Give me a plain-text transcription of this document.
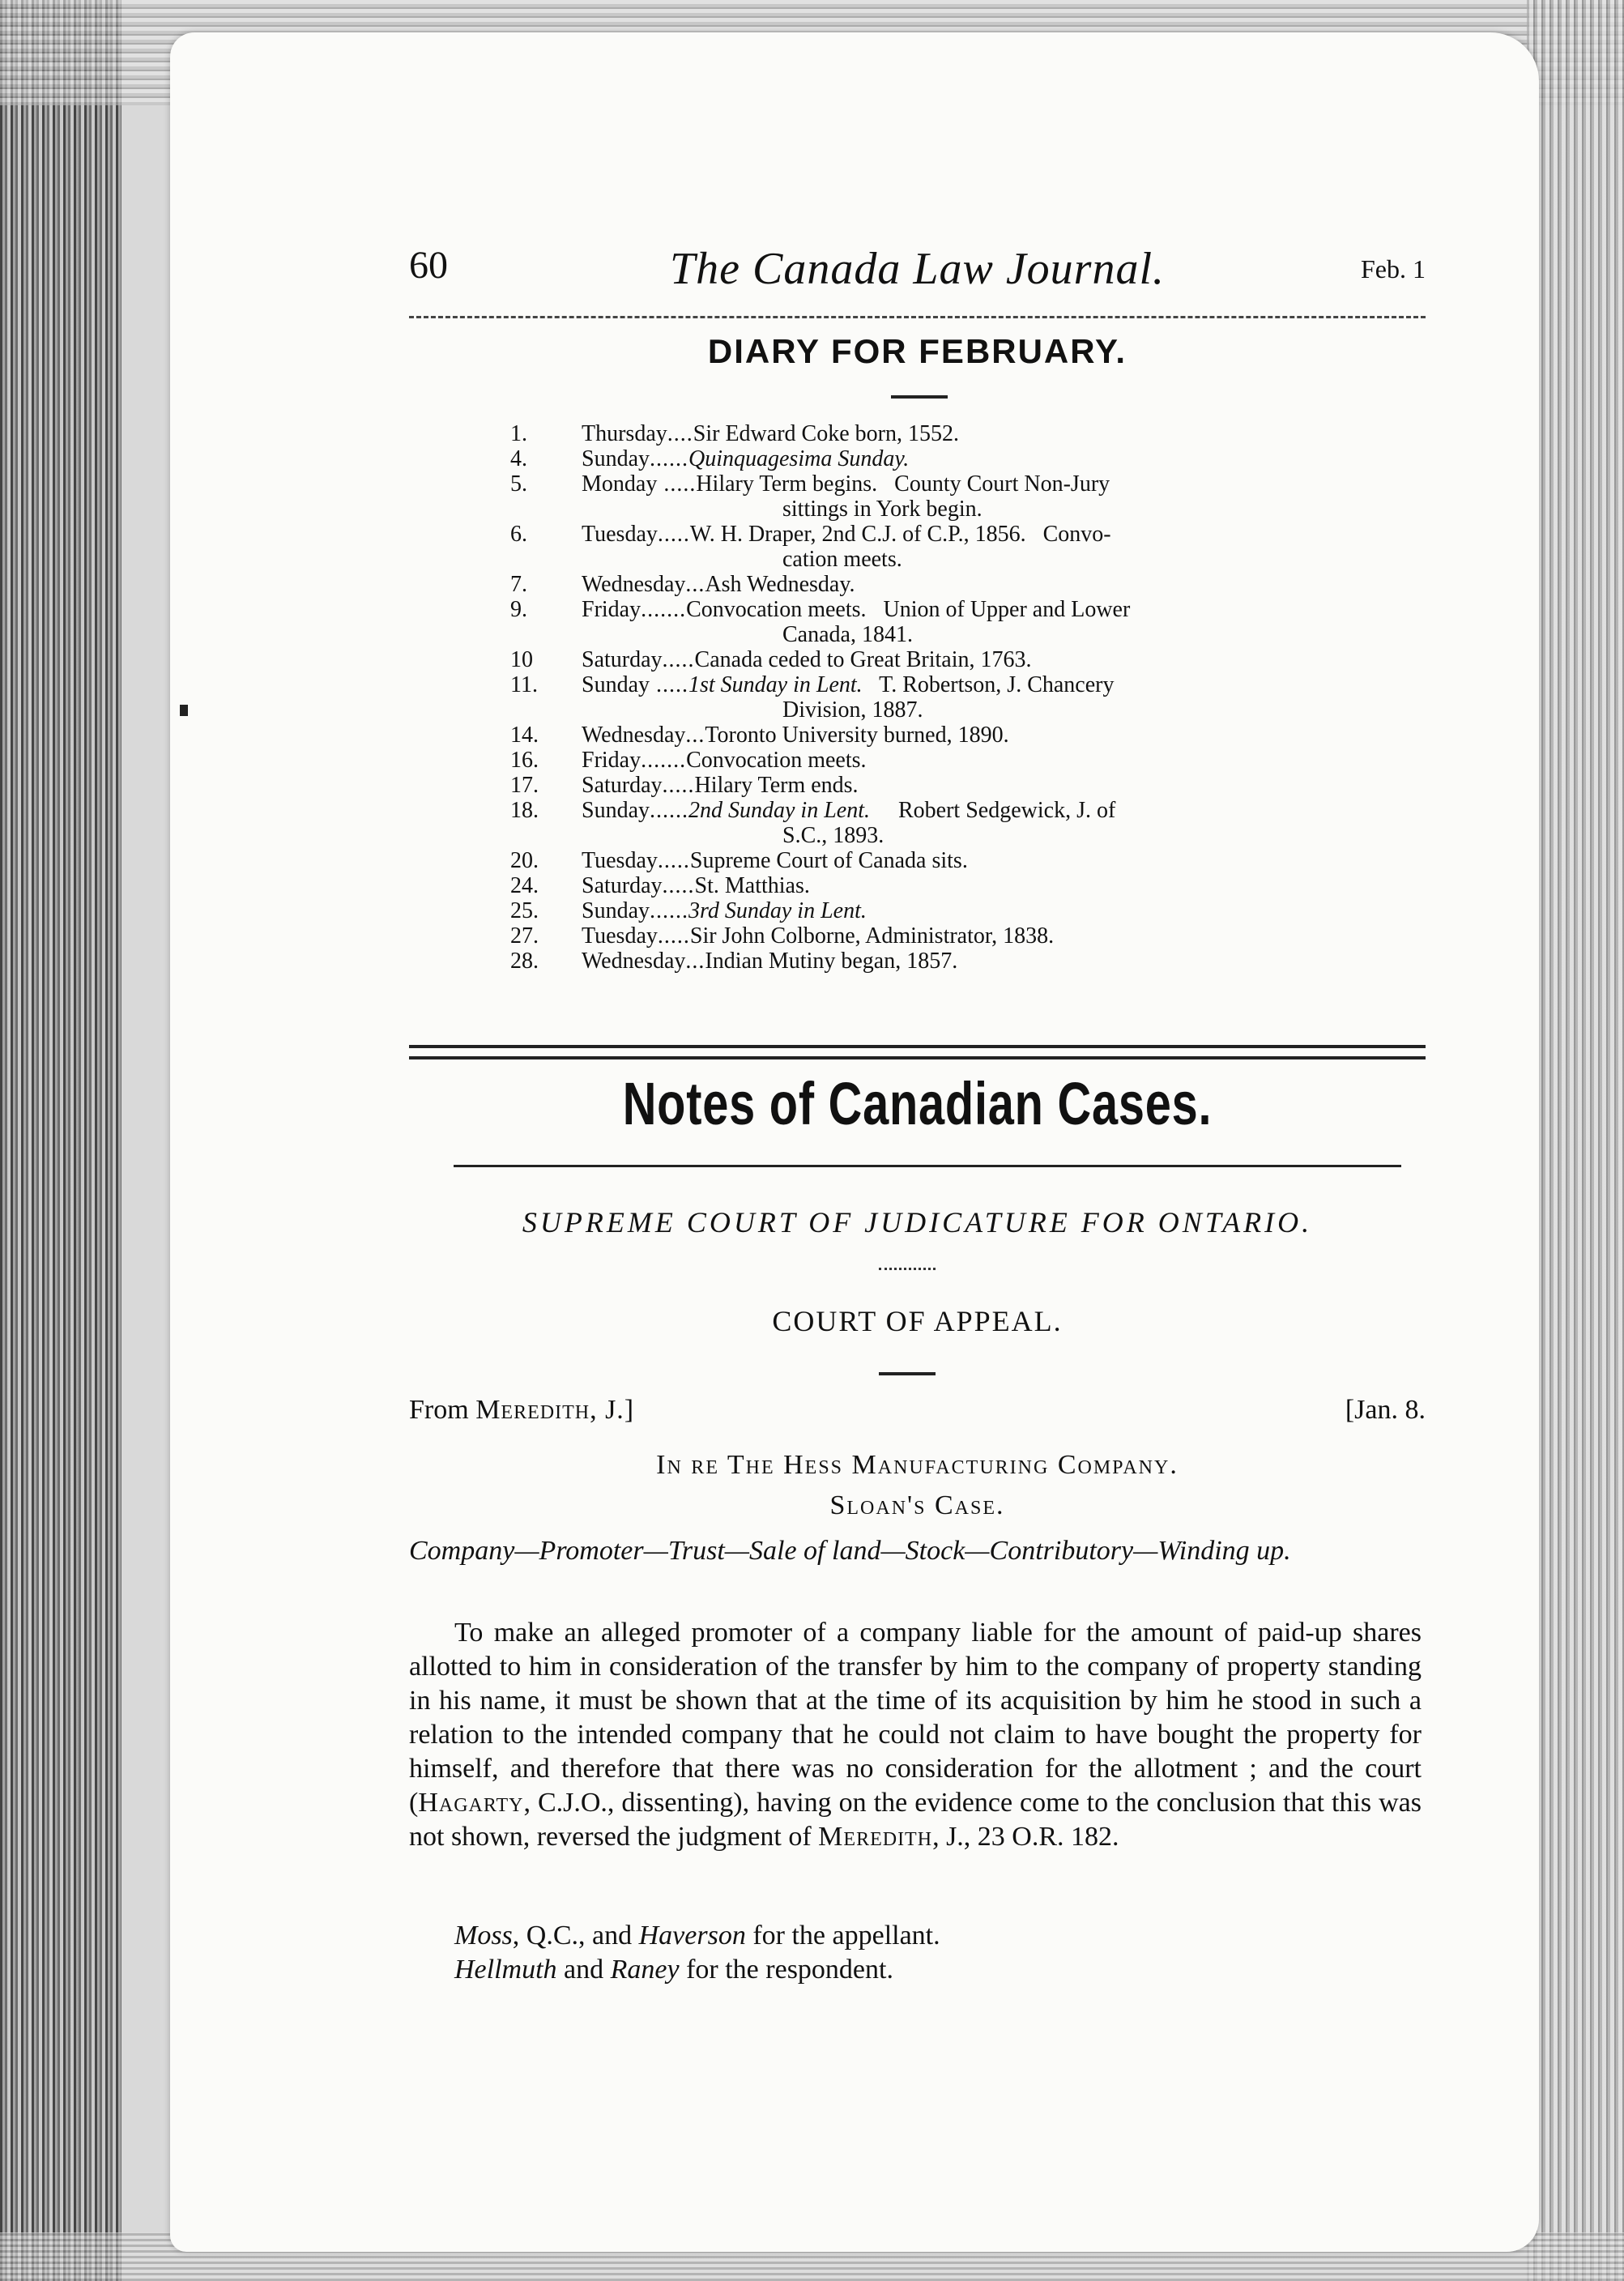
60	The Canada Law Journal.	Feb. 1
DIARY FOR FEBRUARY.
1.	Thursday....Sir Edward Coke born, 1552.
4.	Sunday......Quinquagesima Sunday.
5.	Monday .....Hilary Term begins.   County Court Non-Jury
sittings in York begin.
6.	Tuesday.....W. H. Draper, 2nd C.J. of C.P., 1856.   Convo-
cation meets.
7.	Wednesday...Ash Wednesday.
9.	Friday.......Convocation meets.   Union of Upper and Lower
Canada, 1841.
10	Saturday.....Canada ceded to Great Britain, 1763.
11.	Sunday .....1st Sunday in Lent.   T. Robertson, J. Chancery
Division, 1887.
14.	Wednesday...Toronto University burned, 1890.
16.	Friday.......Convocation meets.
17.	Saturday.....Hilary Term ends.
18.	Sunday......2nd Sunday in Lent.     Robert Sedgewick, J. of
S.C., 1893.
20.	Tuesday.....Supreme Court of Canada sits.
24.	Saturday.....St. Matthias.
25.	Sunday......3rd Sunday in Lent.
27.	Tuesday.....Sir John Colborne, Administrator, 1838.
28.	Wednesday...Indian Mutiny began, 1857.
Notes of Canadian Cases.
SUPREME COURT OF JUDICATURE FOR ONTARIO.
COURT OF APPEAL.
From Meredith, J.]	[Jan. 8.
In re The Hess Manufacturing Company.
Sloan's Case.
Company—Promoter—Trust—Sale of land—Stock—Contributory—Winding up.
To make an alleged promoter of a company liable for the amount of paid-up shares allotted to him in consideration of the transfer by him to the company of property standing in his name, it must be shown that at the time of its acquisition by him he stood in such a relation to the intended company that he could not claim to have bought the property for himself, and therefore that there was no consideration for the allotment ; and the court (Hagarty, C.J.O., dissenting), having on the evidence come to the conclusion that this was not shown, reversed the judgment of Meredith, J., 23 O.R. 182.
Moss, Q.C., and Haverson for the appellant.
Hellmuth and Raney for the respondent.
